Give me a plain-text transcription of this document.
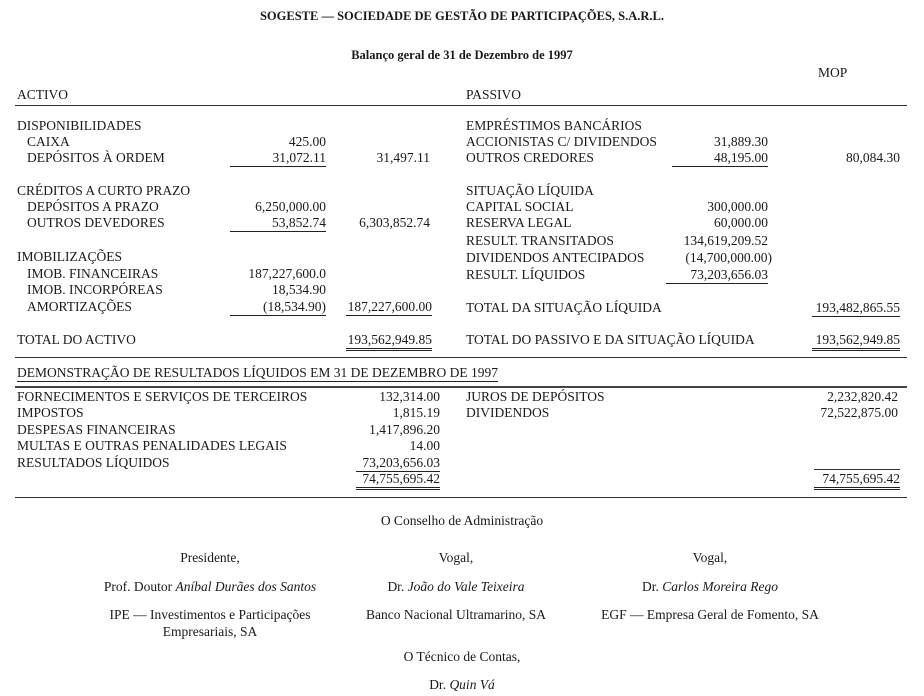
SOGESTE — SOCIEDADE DE GESTÃO DE PARTICIPAÇÕES, S.A.R.L.
Balanço geral de 31 de Dezembro de 1997
MOP
ACTIVO	PASSIVO
DISPONIBILIDADES
CAIXA	425.00
DEPÓSITOS À ORDEM	31,072.11	31,497.11
CRÉDITOS A CURTO PRAZO
DEPÓSITOS A PRAZO	6,250,000.00
OUTROS DEVEDORES	53,852.74	6,303,852.74
IMOBILIZAÇÕES
IMOB. FINANCEIRAS	187,227,600.0
IMOB. INCORPÓREAS	18,534.90
AMORTIZAÇÕES	(18,534.90) 187,227,600.00
TOTAL DO ACTIVO	193,562,949.85
EMPRÉSTIMOS BANCÁRIOS
ACCIONISTAS C/ DIVIDENDOS	31,889.30
OUTROS CREDORES	48,195.00	80,084.30
SITUAÇÃO LÍQUIDA
CAPITAL SOCIAL	300,000.00
RESERVA LEGAL	60,000.00
RESULT. TRANSITADOS	134,619,209.52
DIVIDENDOS ANTECIPADOS	(14,700,000.00)
RESULT. LÍQUIDOS	73,203,656.03
TOTAL DA SITUAÇÃO LÍQUIDA	193,482,865.55
TOTAL DO PASSIVO E DA SITUAÇÃO LÍQUIDA	193,562,949.85
DEMONSTRAÇÃO DE RESULTADOS LÍQUIDOS EM 31 DE DEZEMBRO DE 1997
FORNECIMENTOS E SERVIÇOS DE TERCEIROS	132,314.00
IMPOSTOS	1,815.19
DESPESAS FINANCEIRAS	1,417,896.20
MULTAS E OUTRAS PENALIDADES LEGAIS	14.00
RESULTADOS LÍQUIDOS	73,203,656.03
74,755,695.42
JUROS DE DEPÓSITOS	2,232,820.42
DIVIDENDOS	72,522,875.00
74,755,695.42
O Conselho de Administração
Presidente,
Prof. Doutor Aníbal Durães dos Santos
IPE — Investimentos e Participações
Empresariais, SA
Vogal,
Dr. João do Vale Teixeira
Banco Nacional Ultramarino, SA
Vogal,
Dr. Carlos Moreira Rego
EGF — Empresa Geral de Fomento, SA
O Técnico de Contas,
Dr. Quin Vá
